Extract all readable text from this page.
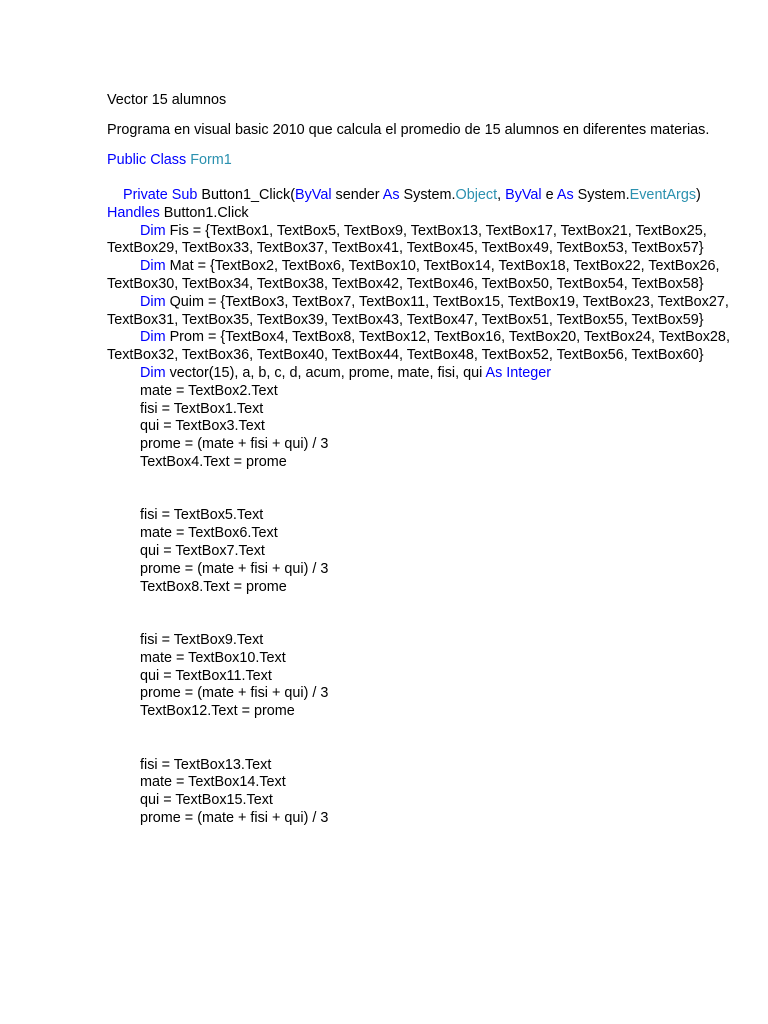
Vector 15 alumnos

Programa en visual basic 2010 que calcula el promedio de 15 alumnos en diferentes materias.

Public Class Form1

Private Sub Button1_Click(ByVal sender As System.Object, ByVal e As System.EventArgs) Handles Button1.Click
Dim Fis = {TextBox1, TextBox5, TextBox9, TextBox13, TextBox17, TextBox21, TextBox25, TextBox29, TextBox33, TextBox37, TextBox41, TextBox45, TextBox49, TextBox53, TextBox57}
Dim Mat = {TextBox2, TextBox6, TextBox10, TextBox14, TextBox18, TextBox22, TextBox26, TextBox30, TextBox34, TextBox38, TextBox42, TextBox46, TextBox50, TextBox54, TextBox58}
Dim Quim = {TextBox3, TextBox7, TextBox11, TextBox15, TextBox19, TextBox23, TextBox27, TextBox31, TextBox35, TextBox39, TextBox43, TextBox47, TextBox51, TextBox55, TextBox59}
Dim Prom = {TextBox4, TextBox8, TextBox12, TextBox16, TextBox20, TextBox24, TextBox28, TextBox32, TextBox36, TextBox40, TextBox44, TextBox48, TextBox52, TextBox56, TextBox60}
Dim vector(15), a, b, c, d, acum, prome, mate, fisi, qui As Integer
mate = TextBox2.Text
fisi = TextBox1.Text
qui = TextBox3.Text
prome = (mate + fisi + qui) / 3
TextBox4.Text = prome
fisi = TextBox5.Text
mate = TextBox6.Text
qui = TextBox7.Text
prome = (mate + fisi + qui) / 3
TextBox8.Text = prome
fisi = TextBox9.Text
mate = TextBox10.Text
qui = TextBox11.Text
prome = (mate + fisi + qui) / 3
TextBox12.Text = prome
fisi = TextBox13.Text
mate = TextBox14.Text
qui = TextBox15.Text
prome = (mate + fisi + qui) / 3
